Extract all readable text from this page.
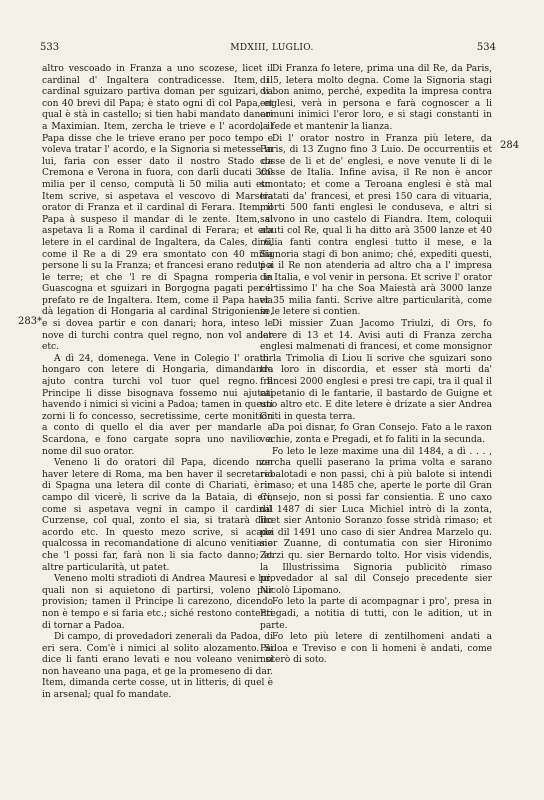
533	MDXIII, LUGLIO.	534
283*
284

altro vescoado in Franza a uno scozese, licet il cardinal d' Ingaltera contradicesse. Item, il cardinal sguizaro partiva doman per sguizari, va con 40 brevi dil Papa; è stato ogni dì col Papa, et qual è stà in castello; si tien habi mandato danari a Maximian. Item, zercha le trieve e l' acordo, il Papa disse che le trieve erano per poco tempo e voleva tratar l' acordo, e la Signoria si metesse in lui, faria con esser dato il nostro Stado da Cremona e Verona in fuora, con darli ducati 300 milia per il censo, computà li 50 milia auti etc. Item scrive, si aspetava el vescovo di Marseia orator di Franza et il cardinal di Ferara. Item, il Papa à suspeso il mandar di le zente. Item, si aspetava li a Roma il cardinal di Ferara; et era letere in el cardinal de Ingaltera, da Cales, di 6, come il Re a di 29 era smontato con 40 milia persone li su la Franza; et francesi erano reduti a le terre; et che 'l re di Spagna romperia in Guascogna et sguizari in Borgogna pagati per il prefato re de Ingaltera. Item, come il Papa havia dà legation di Hongaria al cardinal Strigoniense, e si dovea partir e con danari; hora, inteso le nove di turchi contra quel regno, non vol andar etc.

A dì 24, domenega. Vene in Colegio l' orator hongaro con letere di Hongaria, dimandando ajuto contra turchi vol tuor quel regno. Il Principe li disse bisognava fossemo nui ajutati havendo i nimici sì vicini a Padoa; tamen in questi zorni li fo concesso, secretissime, certe monition a conto di quello el dia aver per mandarle a Scardona, e fono cargate sopra uno navilio a nome dil suo orator.

Veneno li do oratori dil Papa, dicendo non haver letere di Roma, ma ben haver il secretario di Spagna una letera dil conte di Chariati, è in campo dil vicerè, li scrive da la Bataia, di eri, come si aspetava vegni in campo il cardinal Curzense, col qual, zonto el sia, si tratarà dito acordo etc. In questo mezo scrive, si acade qualcossa in recomandatione di alcuno venitiano che 'l possi far, farà non li sia facto danno; et altre particularità, ut patet.

Veneno molti stradioti di Andrea Mauresi e lui, quali non si aquietono di partirsi, voleno pur provision; tamen il Principe li carezono, dicendo non è tempo e si faria etc.; siché restono contenti di tornar a Padoa.

Di campo, di provedadori zenerali da Padoa, di eri sera. Com'è i nimici al solito alozamento. Si dice li fanti erano levati e nou voleano venir si non haveano una paga, et ge la promeseno di dar. Item, dimanda certe cosse, ut in litteris, di quel è in arsenal; qual fo mandate.

Di Franza fo letere, prima una dil Re, da Paris, di 5, letera molto degna. Come la Signoria stagi di bon animo, perché, expedita la impresa contra englesi, verà in persona e farà cognoscer a li comuni inimici l'eror loro, e si stagi constanti in la fede et mantenir la lianza.

Di l' orator nostro in Franza più letere, da Paris, di 13 Zugno fino 3 Luio. De occurrentiis et cosse de li et de' englesi, e nove venute li di le cosse de Italia. Infine avisa, il Re non è ancor smontato; et come a Teroana englesi è stà mal tratati da' francesi, et presi 150 cara di vituaria, morti 500 fanti englesi le conduseva, e altri si salvono in uno castelo di Fiandra. Item, coloquii abuti col Re, qual li ha ditto arà 3500 lanze et 40 milia fanti contra englesi tutto il mese, e la Signoria stagi di bon animo; ché, expediti questi, poi il Re non atenderia ad altro cha a l' impresa de Italia, e vol venir in persona. Et scrive l' orator certissimo l' ha che Soa Maiestà arà 3000 lanze et 35 milia fanti. Scrive altre particularità, come in le letere si contien.

Di missier Zuan Jacomo Triulzi, di Ors, fo letere di 13 et 14. Avisi auti di Franza zercha englesi malmenati di francesi, et come monsignor di la Trimolia di Liou li scrive che sguizari sono tra loro in discordia, et esser stà morti da' francesi 2000 englesi e presi tre capi, tra il qual il capetanio di le fantarie, il bastardo de Guigne et uno altro etc. E dite letere è drizate a sier Andrea Griti in questa terra.

Da poi disnar, fo Gran Consejo. Fato a le raxon vechie, zonta e Pregadi, et fo faliti in la secunda.

Fo leto le leze maxime una dil 1484, a dì . . . , zercha quelli paserano la prima volta e sarano rebalotadi e non passi, chi à più balote si intendi rimaso; et una 1485 che, aperte le porte dil Gran Consejo, non si possi far consientia. È uno caxo dil 1487 di sier Luca Michiel intrò di la zonta, licet sier Antonio Soranzo fosse stridà rimaso; et poi dil 1491 uno caso di sier Andrea Marzelo qu. sier Zuanne, di contumatia con sier Hironimo Zorzi qu. sier Bernardo tolto. Hor visis videndis, la Illustrissima Signoria publicitò rimaso provedador al sal dil Consejo precedente sier Nicolò Lipomano.

Fo leto la parte di acompagnar i pro', presa in Pregadi, a notitia di tutti, con le adition, ut in parte.

Fo leto più letere di zentilhomeni andati a Padoa e Treviso e con li homeni è andati, come noterò di soto.
